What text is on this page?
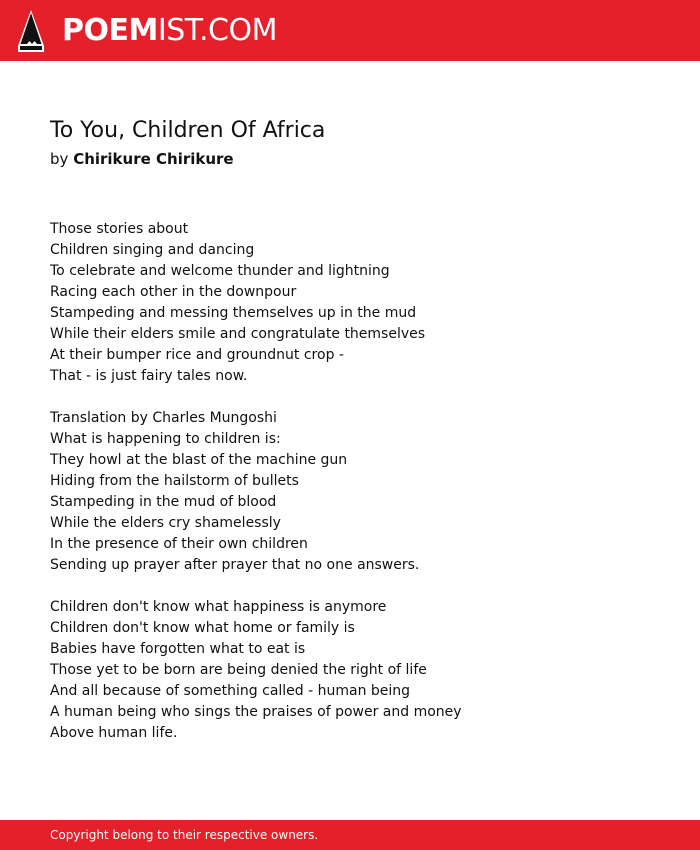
POEMIST.COM
To You, Children Of Africa
by Chirikure Chirikure
Those stories about
Children singing and dancing
To celebrate and welcome thunder and lightning
Racing each other in the downpour
Stampeding and messing themselves up in the mud
While their elders smile and congratulate themselves
At their bumper rice and groundnut crop -
That - is just fairy tales now.
Translation by Charles Mungoshi
What is happening to children is:
They howl at the blast of the machine gun
Hiding from the hailstorm of bullets
Stampeding in the mud of blood
While the elders cry shamelessly
In the presence of their own children
Sending up prayer after prayer that no one answers.
Children don't know what happiness is anymore
Children don't know what home or family is
Babies have forgotten what to eat is
Those yet to be born are being denied the right of life
And all because of something called - human being
A human being who sings the praises of power and money
Above human life.
Copyright belong to their respective owners.
